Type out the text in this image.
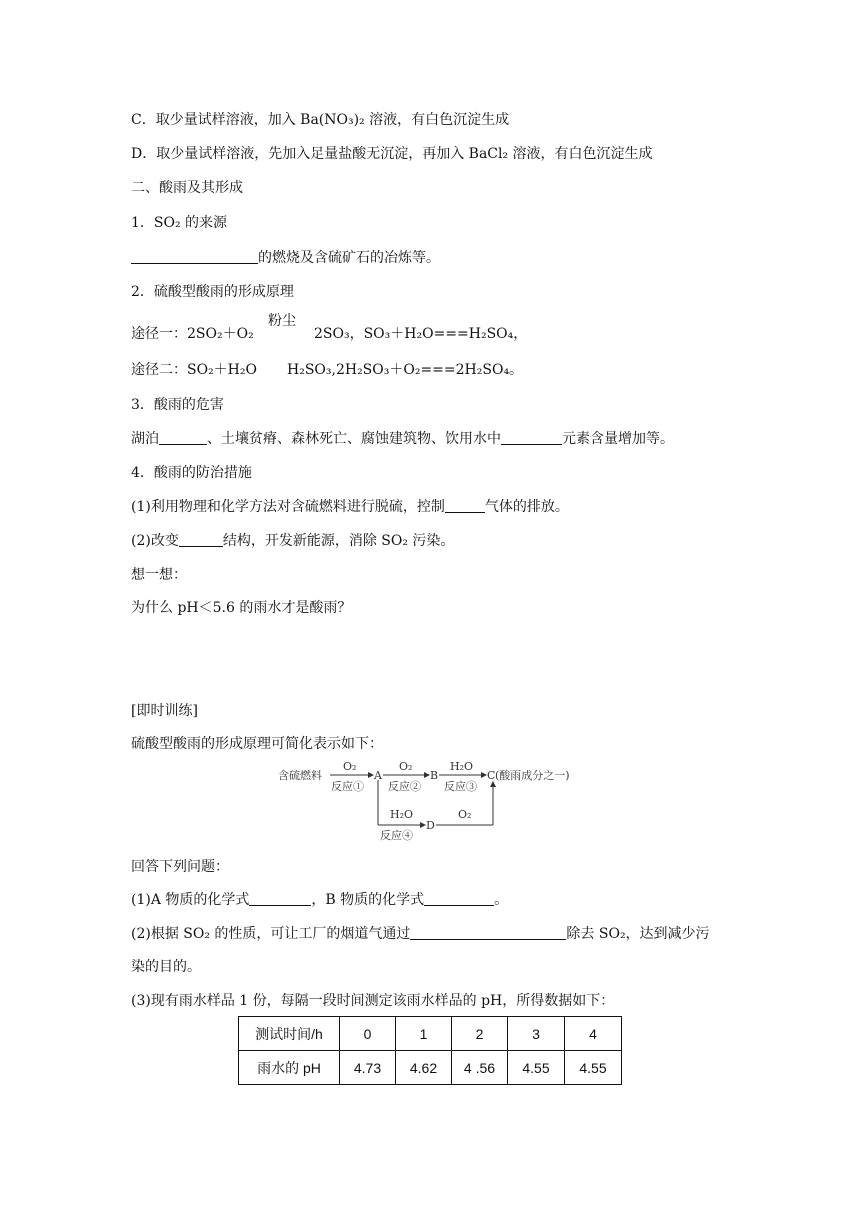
C．取少量试样溶液，加入 Ba(NO₃)₂ 溶液，有白色沉淀生成
D．取少量试样溶液，先加入足量盐酸无沉淀，再加入 BaCl₂ 溶液，有白色沉淀生成
二、酸雨及其形成
1．SO₂ 的来源
的燃烧及含硫矿石的冶炼等。
2．硫酸型酸雨的形成原理
途径一：2SO₂＋O₂
粉尘
2SO₃，SO₃＋H₂O===H₂SO₄，
途径二：SO₂＋H₂O H₂SO₃,2H₂SO₃＋O₂===2H₂SO₄。
3．酸雨的危害
湖泊	、土壤贫瘠、森林死亡、腐蚀建筑物、饮用水中	元素含量增加等。
4．酸雨的防治措施
(1)利用物理和化学方法对含硫燃料进行脱硫，控制	气体的排放。
(2)改变	结构，开发新能源，消除 SO₂ 污染。
想一想：
为什么 pH＜5.6 的雨水才是酸雨？
[即时训练]
硫酸型酸雨的形成原理可简化表示如下：
含硫燃料
O₂
反应①
A
O₂
反应②
B
H₂O
反应③
C (酸雨成分之一)
H₂O
反应④
D
O₂
回答下列问题：
(1)A 物质的化学式	，B 物质的化学式	。
(2)根据 SO₂ 的性质，可让工厂的烟道气通过	除去 SO₂，达到减少污
染的目的。
(3)现有雨水样品 1 份，每隔一段时间测定该雨水样品的 pH，所得数据如下：
测试时间/h	0	1	2	3	4
雨水的 pH	4.73	4.62	4 .56	4.55	4.55
